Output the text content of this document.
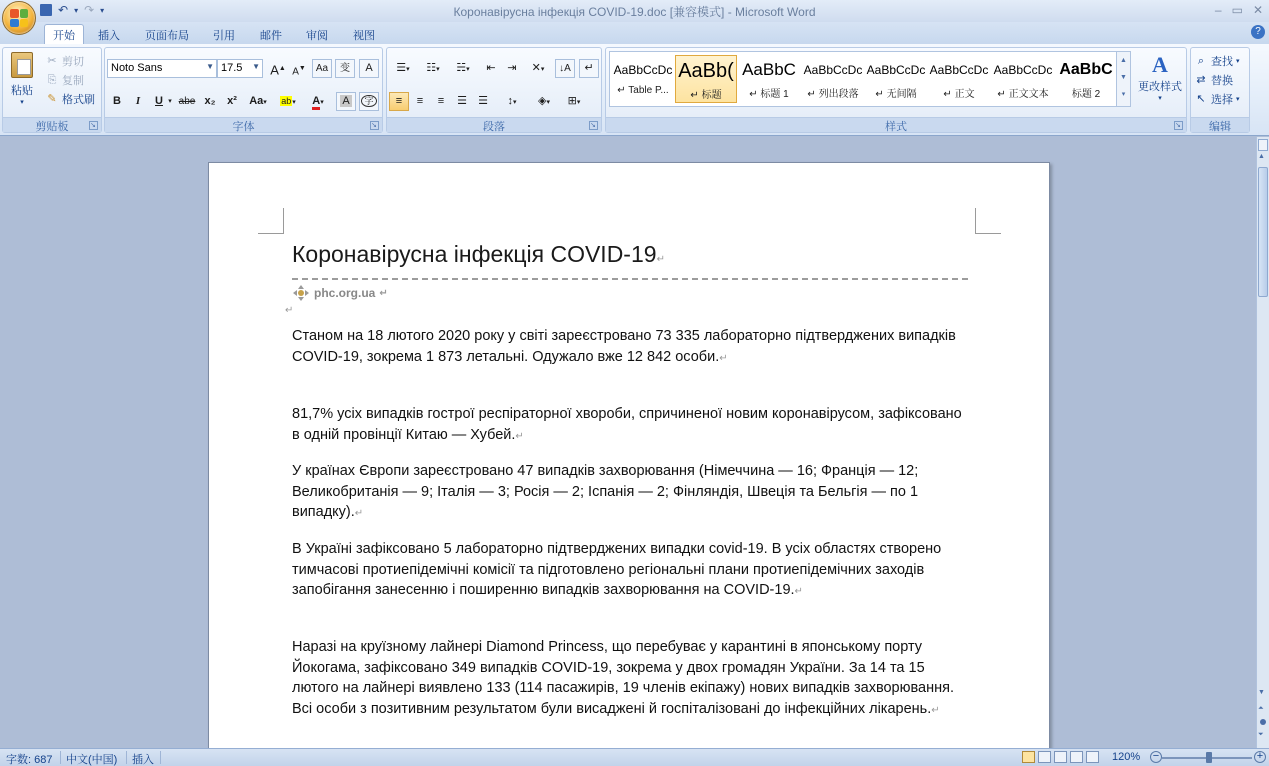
↶ ▾ ↷ ▾	Коронавірусна інфекція COVID-19.doc [兼容模式] - Microsoft Word	– ▭ ✕
开始	插入	页面布局	引用	邮件	审阅	视图	?
粘贴
▾
✂ 剪切
⎘ 复制
✎ 格式刷
剪贴板	↘
Noto Sans	▼ 17.5 ▼ A▲ A▼	Aa	变	A
B	I	U ▾ abe x₂	x²	Aa▾	ab▾	A▾	A	字
字体	↘
☰▾	☷▾	☵▾	⇤	⇥	✕▾	↓A	↵
≡	≡	≡	☰	☰	↕▾	◈▾	⊞▾
段落	↘
AaBbCcDc
↵ Table P...
AaBb(
↵ 标题
AaBbC
↵ 标题 1
AaBbCcDc
↵ 列出段落
AaBbCcDc
↵ 无间隔
AaBbCcDc
↵ 正文
AaBbCcDc
↵ 正文文本
AaBbC
标题 2
▲
▼
▾
A
更改样式
▾
样式	↘
⌕ 查找 ▾
⇄ 替换
↖ 选择 ▾
编辑
Коронавірусна інфекція COVID-19↵
phc.org.ua ↵
↵
Станом на 18 лютого 2020 року у світі зареєстровано 73 335 лабораторно підтверджених випадків COVID-19, зокрема 1 873 летальні. Одужало вже 12 842 особи.↵
81,7% усіх випадків гострої респіраторної хвороби, спричиненої новим коронавірусом, зафіксовано в одній провінції Китаю — Хубей.↵
У країнах Європи зареєстровано 47 випадків захворювання (Німеччина — 16; Франція — 12; Великобританія — 9; Італія — 3; Росія — 2; Іспанія — 2; Фінляндія, Швеція та Бельгія — по 1 випадку).↵
В Україні зафіксовано 5 лабораторно підтверджених випадки covid-19. В усіх областях створено тимчасові протиепідемічні комісії та підготовлено регіональні плани протиепідемічних заходів запобігання занесенню і поширенню випадків захворювання на COVID-19.↵
Наразі на круїзному лайнері Diamond Princess, що перебуває у карантині в японському порту Йокогама, зафіксовано 349 випадків COVID-19, зокрема у двох громадян України. За 14 та 15 лютого на лайнері виявлено 133 (114 пасажирів, 19 членів екіпажу) нових випадків захворювання. Всі особи з позитивним результатом були висаджені й госпіталізовані до інфекційних лікарень.↵
▲
▼
⏶
⏷
字数: 687 中文(中国) 插入	120% −	+
